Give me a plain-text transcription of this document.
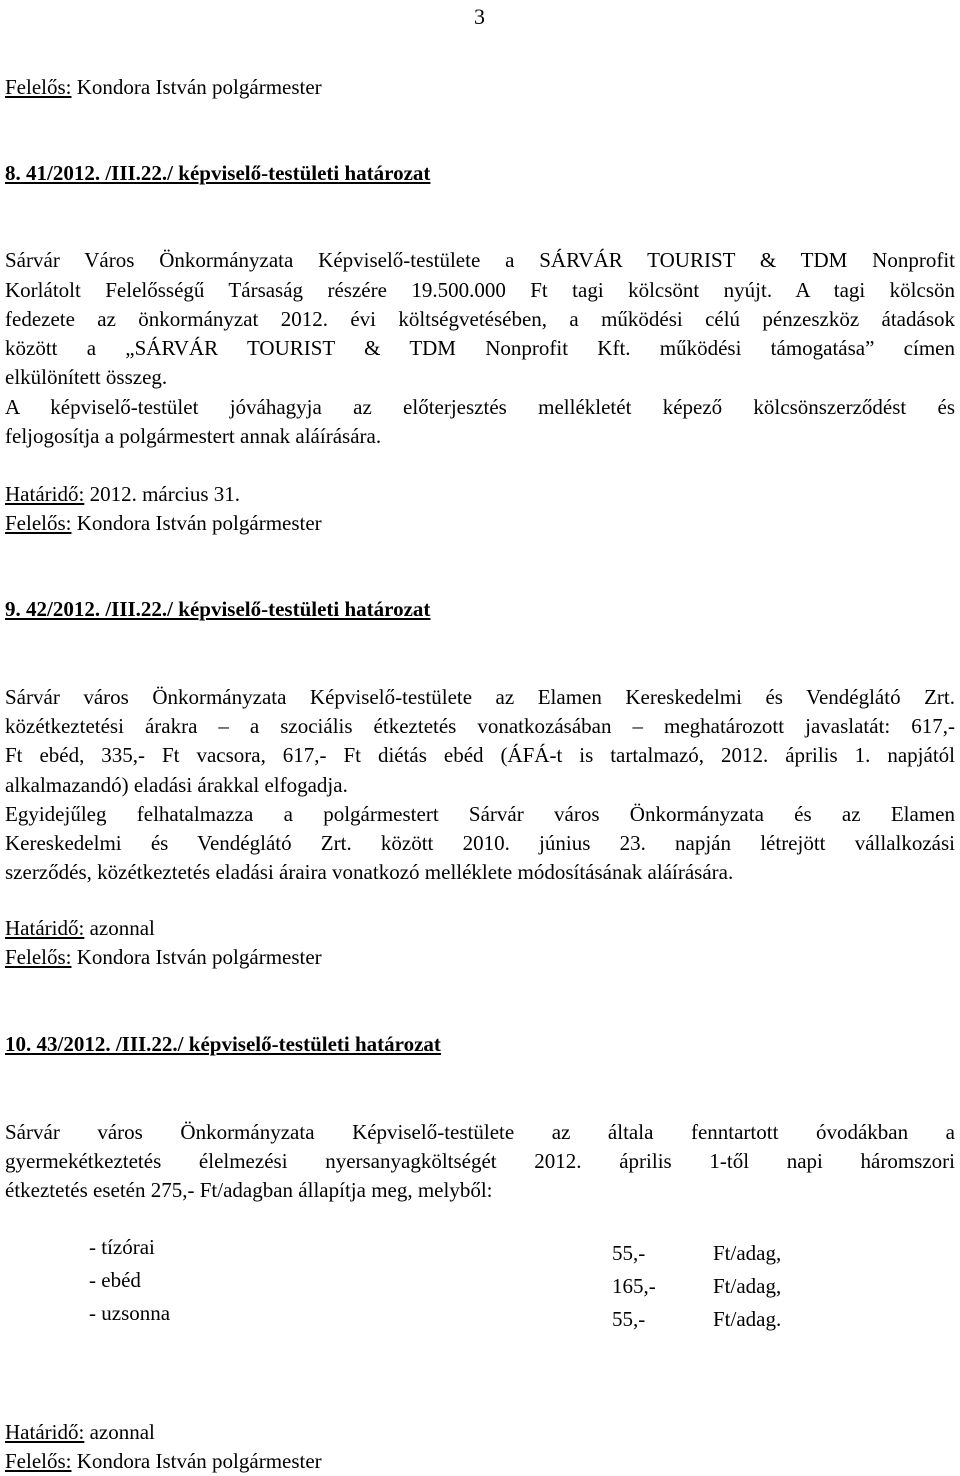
3
Felelős: Kondora István polgármester
8. 41/2012. /III.22./ képviselő-testületi határozat
Sárvár Város Önkormányzata Képviselő-testülete a SÁRVÁR TOURIST & TDM Nonprofit
Korlátolt Felelősségű Társaság részére 19.500.000 Ft tagi kölcsönt nyújt. A tagi kölcsön
fedezete az önkormányzat 2012. évi költségvetésében, a működési célú pénzeszköz átadások
között a „SÁRVÁR TOURIST & TDM Nonprofit Kft. működési támogatása” címen
elkülönített összeg.
A képviselő-testület jóváhagyja az előterjesztés mellékletét képező kölcsönszerződést és
feljogosítja a polgármestert annak aláírására.
Határidő: 2012. március 31.
Felelős: Kondora István polgármester
9. 42/2012. /III.22./ képviselő-testületi határozat
Sárvár város Önkormányzata Képviselő-testülete az Elamen Kereskedelmi és Vendéglátó Zrt.
közétkeztetési árakra – a szociális étkeztetés vonatkozásában – meghatározott javaslatát: 617,-
Ft ebéd, 335,- Ft vacsora, 617,- Ft diétás ebéd (ÁFÁ-t is tartalmazó, 2012. április 1. napjától
alkalmazandó) eladási árakkal elfogadja.
Egyidejűleg felhatalmazza a polgármestert Sárvár város Önkormányzata és az Elamen
Kereskedelmi és Vendéglátó Zrt. között 2010. június 23. napján létrejött vállalkozási
szerződés, közétkeztetés eladási áraira vonatkozó melléklete módosításának aláírására.
Határidő: azonnal
Felelős: Kondora István polgármester
10. 43/2012. /III.22./ képviselő-testületi határozat
Sárvár város Önkormányzata Képviselő-testülete az általa fenntartott óvodákban a
gyermekétkeztetés élelmezési nyersanyagköltségét 2012. április 1-től napi háromszori
étkeztetés esetén 275,- Ft/adagban állapítja meg, melyből:
- tízórai	55,-	Ft/adag,
- ebéd	165,-	Ft/adag,
- uzsonna	55,-	Ft/adag.
Határidő: azonnal
Felelős: Kondora István polgármester
